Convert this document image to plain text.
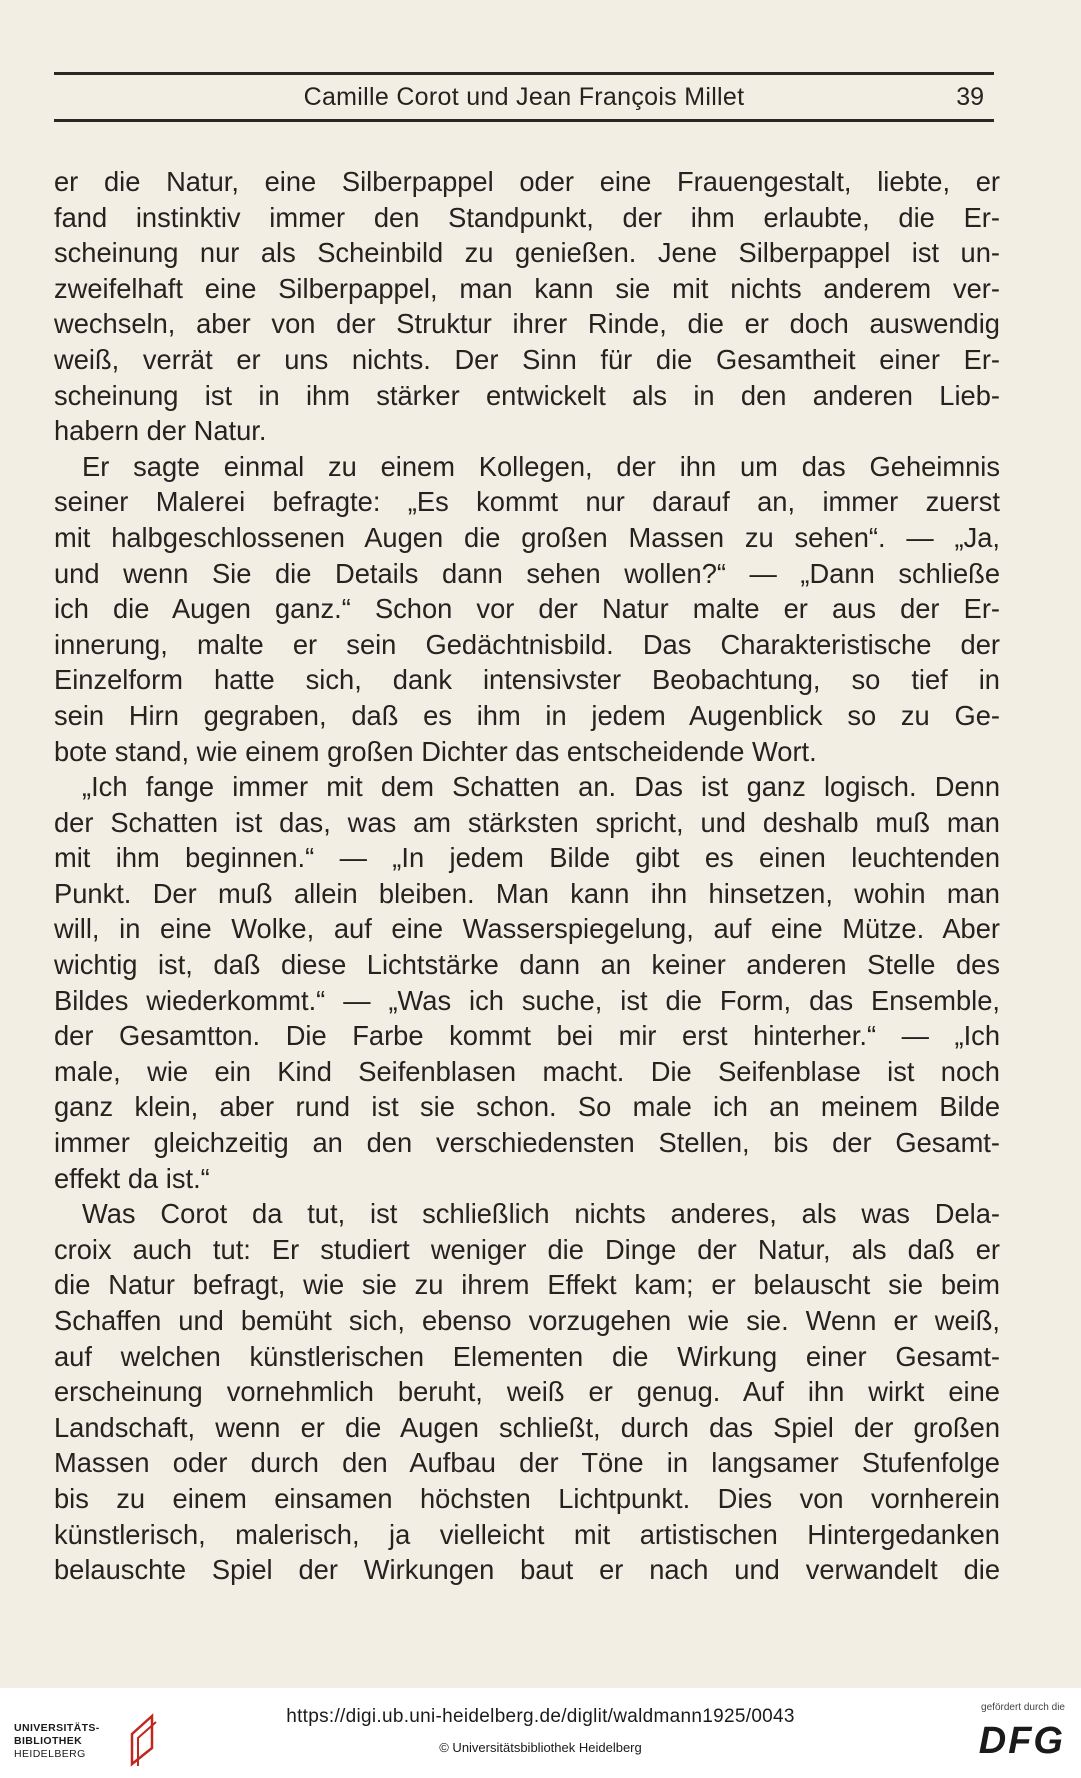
Camille Corot und Jean François Millet	39
er die Natur, eine Silberpappel oder eine Frauengestalt, liebte, er
fand instinktiv immer den Standpunkt, der ihm erlaubte, die Er-
scheinung nur als Scheinbild zu genießen. Jene Silberpappel ist un-
zweifelhaft eine Silberpappel, man kann sie mit nichts anderem ver-
wechseln, aber von der Struktur ihrer Rinde, die er doch auswendig
weiß, verrät er uns nichts. Der Sinn für die Gesamtheit einer Er-
scheinung ist in ihm stärker entwickelt als in den anderen Lieb-
habern der Natur.
Er sagte einmal zu einem Kollegen, der ihn um das Geheimnis
seiner Malerei befragte: „Es kommt nur darauf an, immer zuerst
mit halbgeschlossenen Augen die großen Massen zu sehen“. — „Ja,
und wenn Sie die Details dann sehen wollen?“ — „Dann schließe
ich die Augen ganz.“ Schon vor der Natur malte er aus der Er-
innerung, malte er sein Gedächtnisbild. Das Charakteristische der
Einzelform hatte sich, dank intensivster Beobachtung, so tief in
sein Hirn gegraben, daß es ihm in jedem Augenblick so zu Ge-
bote stand, wie einem großen Dichter das entscheidende Wort.
„Ich fange immer mit dem Schatten an. Das ist ganz logisch. Denn
der Schatten ist das, was am stärksten spricht, und deshalb muß man
mit ihm beginnen.“ — „In jedem Bilde gibt es einen leuchtenden
Punkt. Der muß allein bleiben. Man kann ihn hinsetzen, wohin man
will, in eine Wolke, auf eine Wasserspiegelung, auf eine Mütze. Aber
wichtig ist, daß diese Lichtstärke dann an keiner anderen Stelle des
Bildes wiederkommt.“ — „Was ich suche, ist die Form, das Ensemble,
der Gesamtton. Die Farbe kommt bei mir erst hinterher.“ — „Ich
male, wie ein Kind Seifenblasen macht. Die Seifenblase ist noch
ganz klein, aber rund ist sie schon. So male ich an meinem Bilde
immer gleichzeitig an den verschiedensten Stellen, bis der Gesamt-
effekt da ist.“
Was Corot da tut, ist schließlich nichts anderes, als was Dela-
croix auch tut: Er studiert weniger die Dinge der Natur, als daß er
die Natur befragt, wie sie zu ihrem Effekt kam; er belauscht sie beim
Schaffen und bemüht sich, ebenso vorzugehen wie sie. Wenn er weiß,
auf welchen künstlerischen Elementen die Wirkung einer Gesamt-
erscheinung vornehmlich beruht, weiß er genug. Auf ihn wirkt eine
Landschaft, wenn er die Augen schließt, durch das Spiel der großen
Massen oder durch den Aufbau der Töne in langsamer Stufenfolge
bis zu einem einsamen höchsten Lichtpunkt. Dies von vornherein
künstlerisch, malerisch, ja vielleicht mit artistischen Hintergedanken
belauschte Spiel der Wirkungen baut er nach und verwandelt die
UNIVERSITÄTS-
BIBLIOTHEK
HEIDELBERG
https://digi.ub.uni-heidelberg.de/diglit/waldmann1925/0043
© Universitätsbibliothek Heidelberg
gefördert durch die
DFG
